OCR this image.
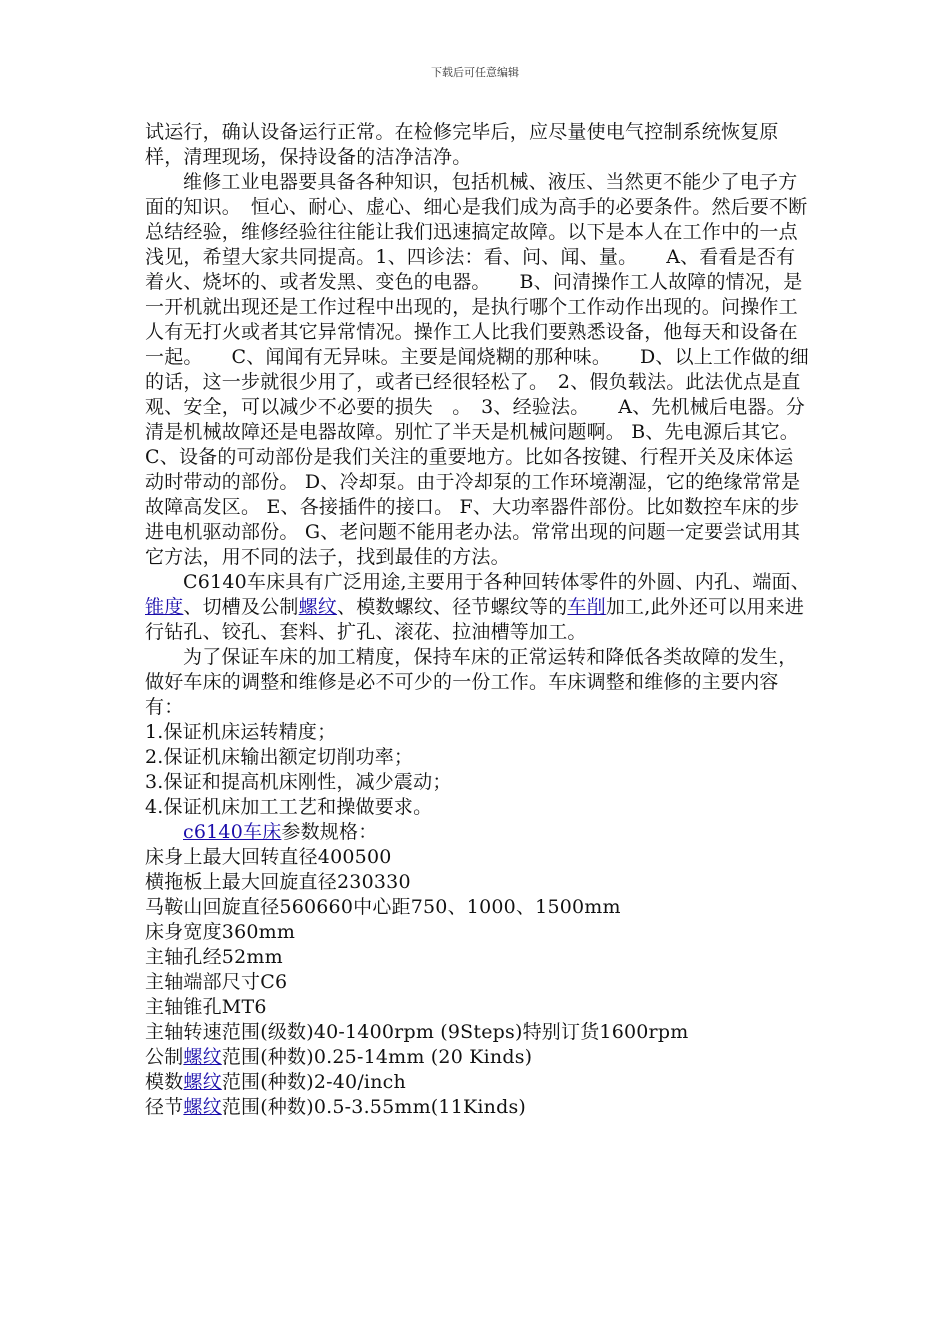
下载后可任意编辑

试运行，确认设备运行正常。在检修完毕后，应尽量使电气控制系统恢复原样，清理现场，保持设备的洁净洁净。

维修工业电器要具备各种知识，包括机械、液压、当然更不能少了电子方面的知识。　恒心、耐心、虚心、细心是我们成为高手的必要条件。然后要不断总结经验，维修经验往往能让我们迅速搞定故障。以下是本人在工作中的一点浅见，希望大家共同提高。1、四诊法：看、问、闻、量。　　A、看看是否有着火、烧坏的、或者发黑、变色的电器。　　B、问清操作工人故障的情况，是一开机就出现还是工作过程中出现的，是执行哪个工作动作出现的。问操作工人有无打火或者其它异常情况。操作工人比我们要熟悉设备，他每天和设备在一起。　　C、闻闻有无异味。主要是闻烧糊的那种味。　　D、以上工作做的细的话，这一步就很少用了，或者已经很轻松了。　2、假负载法。此法优点是直观、安全，可以减少不必要的损失　。　3、经验法。　　A、先机械后电器。分清是机械故障还是电器故障。别忙了半天是机械问题啊。 B、先电源后其它。 C、设备的可动部份是我们关注的重要地方。比如各按键、行程开关及床体运动时带动的部份。 D、冷却泵。由于冷却泵的工作环境潮湿，它的绝缘常常是故障高发区。 E、各接插件的接口。 F、大功率器件部份。比如数控车床的步进电机驱动部份。 G、老问题不能用老办法。常常出现的问题一定要尝试用其它方法，用不同的法子，找到最佳的方法。

C6140车床具有广泛用途,主要用于各种回转体零件的外圆、内孔、端面、锥度、切槽及公制螺纹、模数螺纹、径节螺纹等的车削加工,此外还可以用来进行钻孔、铰孔、套料、扩孔、滚花、拉油槽等加工。

为了保证车床的加工精度，保持车床的正常运转和降低各类故障的发生，做好车床的调整和维修是必不可少的一份工作。车床调整和维修的主要内容有：

1.保证机床运转精度；

2.保证机床输出额定切削功率；

3.保证和提高机床刚性，减少震动；

4.保证机床加工工艺和操做要求。

c6140车床参数规格：

床身上最大回转直径400500

横拖板上最大回旋直径230330

马鞍山回旋直径560660中心距750、1000、1500mm

床身宽度360mm

主轴孔经52mm

主轴端部尺寸C6

主轴锥孔MT6

主轴转速范围(级数)40-1400rpm (9Steps)特别订货1600rpm

公制螺纹范围(种数)0.25-14mm (20 Kinds)

模数螺纹范围(种数)2-40/inch

径节螺纹范围(种数)0.5-3.55mm(11Kinds)
